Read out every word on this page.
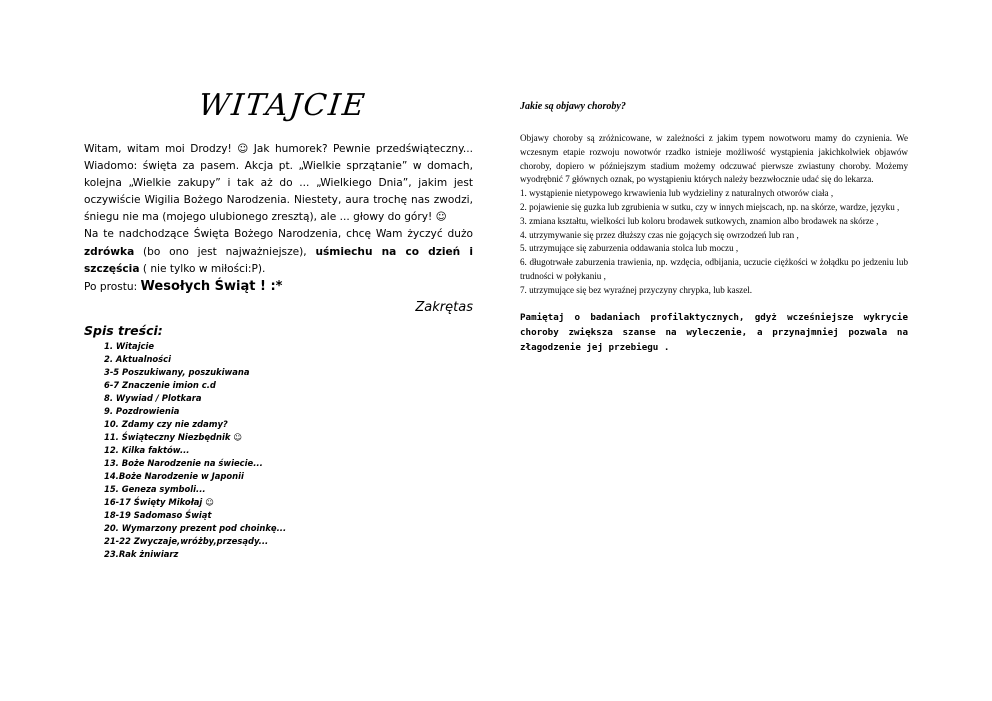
WITAJCIE

Witam, witam moi Drodzy! ☺ Jak humorek? Pewnie przedświąteczny... Wiadomo: święta za pasem. Akcja pt. „Wielkie sprzątanie” w domach, kolejna „Wielkie zakupy” i tak aż do ... „Wielkiego Dnia”, jakim jest oczywiście Wigilia Bożego Narodzenia. Niestety, aura trochę nas zwodzi, śniegu nie ma (mojego ulubionego zresztą), ale ... głowy do góry! ☺

Na te nadchodzące Święta Bożego Narodzenia, chcę Wam życzyć dużo zdrówka (bo ono jest najważniejsze), uśmiechu na co dzień i szczęścia ( nie tylko w miłości:P).

Po prostu: Wesołych Świąt ! :*

Zakrętas
Spis treści:
1. Witajcie
2. Aktualności
3-5 Poszukiwany, poszukiwana
6-7 Znaczenie imion c.d
8. Wywiad / Plotkara
9. Pozdrowienia
10. Zdamy czy nie zdamy?
11. Świąteczny Niezbędnik ☺
12. Kilka faktów...
13. Boże Narodzenie na świecie...
14.Boże Narodzenie w Japonii
15. Geneza symboli...
16-17 Święty Mikołaj ☺
18-19 Sadomaso Świąt
20. Wymarzony prezent pod choinkę...
21-22 Zwyczaje,wróżby,przesądy...
23.Rak żniwiarz
Jakie są objawy choroby?

Objawy choroby są zróżnicowane, w zależności z jakim typem nowotworu mamy do czynienia. We wczesnym etapie rozwoju nowotwór rzadko istnieje możliwość wystąpienia jakichkolwiek objawów choroby, dopiero w późniejszym stadium możemy odczuwać pierwsze zwiastuny choroby. Możemy wyodrębnić 7 głównych oznak, po wystąpieniu których należy bezzwłocznie udać się do lekarza.

1. wystąpienie nietypowego krwawienia lub wydzieliny z naturalnych otworów ciała ,

2. pojawienie się guzka lub zgrubienia w sutku, czy w innych miejscach, np. na skórze, wardze, języku ,

3. zmiana kształtu, wielkości lub koloru brodawek sutkowych, znamion albo brodawek na skórze ,

4. utrzymywanie się przez dłuższy czas nie gojących się owrzodzeń lub ran ,

5. utrzymujące się zaburzenia oddawania stolca lub moczu ,

6. długotrwałe zaburzenia trawienia, np. wzdęcia, odbijania, uczucie ciężkości w żołądku po jedzeniu lub trudności w połykaniu ,

7. utrzymujące się bez wyraźnej przyczyny chrypka, lub kaszel.

Pamiętaj o badaniach profilaktycznych, gdyż wcześniejsze wykrycie choroby zwiększa szanse na wyleczenie, a przynajmniej pozwala na złagodzenie jej przebiegu .
